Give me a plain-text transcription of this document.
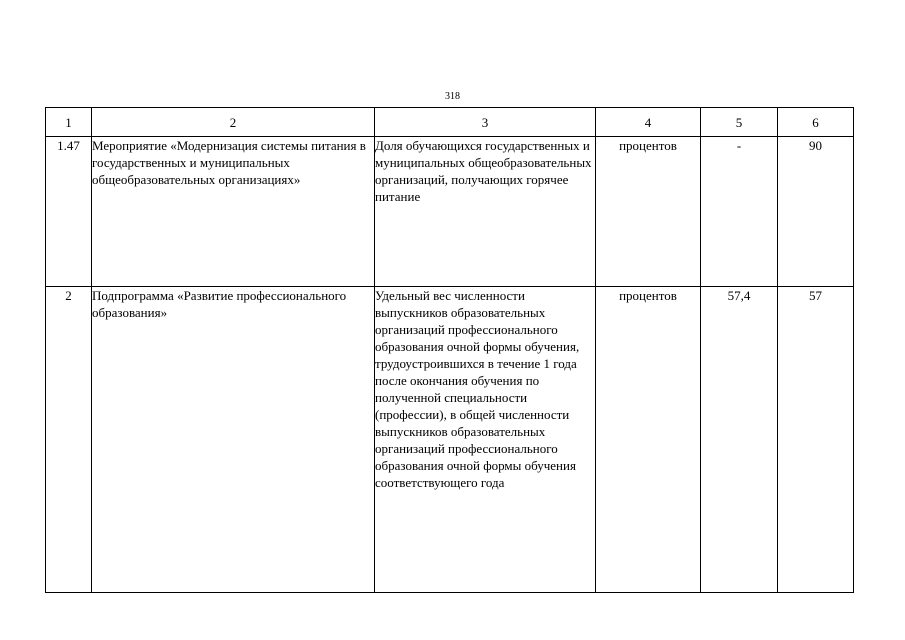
318
1	2	3	4	5	6
1.47	Мероприятие «Модернизация системы питания в государственных и муниципальных общеобразовательных организациях»	Доля обучающихся государственных и муниципальных общеобразовательных организаций, получающих горячее питание	процентов	-	90
2	Подпрограмма «Развитие профессионального образования»	Удельный вес численности выпускников образовательных организаций профессионального образования очной формы обучения, трудоустроившихся в течение 1 года после окончания обучения по полученной специальности (профессии), в общей численности выпускников образовательных организаций профессионального образования очной формы обучения соответствующего года	процентов	57,4	57
